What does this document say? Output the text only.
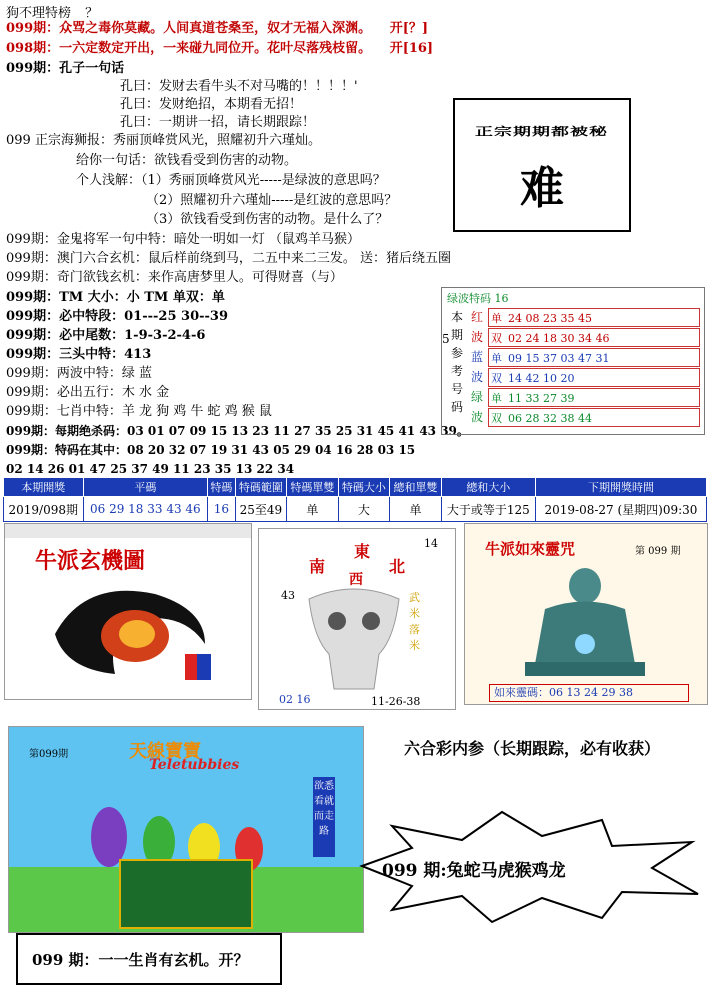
狗不理特榜 ？
099期：众骂之毒你莫藏。人间真道苍桑至，奴才无福入深渊。 开[？]
098期：一六定数定开出，一来碰九同位开。花叶尽落残枝留。 开[16]
099期：孔子一句话
孔曰：发财去看牛头不对马嘴的！！！！'
孔曰：发财绝招，本期看无招！
孔曰：一期讲一招，请长期跟踪！
099 正宗海狮报：秀丽顶峰赏风光，照耀初升六瑾灿。
给你一句话：欲钱看受到伤害的动物。
个人浅解：（1）秀丽顶峰赏风光-----是绿波的意思吗？
（2）照耀初升六瑾灿-----是红波的意思吗？
（3）欲钱看受到伤害的动物。是什么了？
099期：金鬼将军一句中特：暗处一明如一灯 （鼠鸡羊马猴）
099期：澳门六合玄机：鼠后样前绕到马，二五中来二三发。 送：猪后绕五圈
099期：奇门欲钱玄机：来作高唐梦里人。可得财喜（与）
099期：TM 大小：小 TM 单双：单
099期：必中特段：01---25 30--39
099期：必中尾数：1-9-3-2-4-6
099期：三头中特：413
099期：两波中特：绿 蓝
099期：必出五行：木 水 金
099期：七肖中特：羊 龙 狗 鸡 牛 蛇 鸡 猴 鼠
099期：每期绝杀码：03 01 07 09 15 13 23 11 27 35 25 31 45 41 43 39。
099期：特码在其中：08 20 32 07 19 31 43 05 29 04 16 28 03 15
02 14 26 01 47 25 37 49 11 23 35 13 22 34
正宗期期都被秘
难
绿波特码 16
本期参考号码
5
红 单 24 08 23 35 45
波 双 02 24 18 30 34 46
蓝 单 09 15 37 03 47 31
波 双 14 42 10 20
绿 单 11 33 27 39
波 双 06 28 32 38 44
本期開獎	平碼	特碼	特碼範圍	特碼單雙	特碼大小	總和單雙	總和大小	下期開獎時間
2019/098期	06 29 18 33 43 46	16	25至49	单	大	单	大于或等于125	2019-08-27 (星期四)09:30
牛派玄機圖	東
南	北
西
14
43
02 16	11-26-38
武米落米
牛派如來靈咒	第 099 期
如來靈碼：06 13 24 29 38
天線寶寶
Teletubbies
第099期
欲悉看就而走路
六合彩内参（长期跟踪，必有收获）
099 期:兔蛇马虎猴鸡龙
099 期：一一生肖有玄机。开？
